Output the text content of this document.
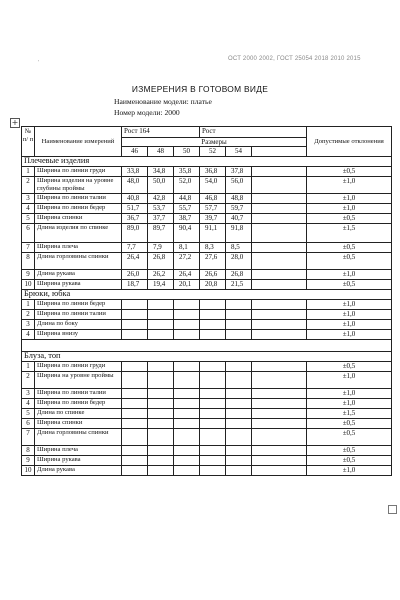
ОСТ 2000 2002, ГОСТ 25054 2018 2010 2015
'
ИЗМЕРЕНИЯ В ГОТОВОМ ВИДЕ
Наименование модели: платье
Номер модели: 2000
+
№ п/ п	Наименование измерений	Рост 164			Рост			Допустимые отклонения
		Размеры						
		46	48	50	52	54		
Плечевые изделия								
1	Ширина по линии груди	33,8	34,8	35,8	36,8	37,8		±0,5
2	Ширина изделия на уровне глубины проймы	48,0	50,0	52,0	54,0	56,0		±1,0
3	Ширина по линии талии	40,8	42,8	44,8	46,8	48,8		±1,0
4	Ширина по линии бедер	51,7	53,7	55,7	57,7	59,7		±1,0
5	Ширина спинки	36,7	37,7	38,7	39,7	40,7		±0,5
6	Длина изделия по спинке	89,0	89,7	90,4	91,1	91,8		±1,5
7	Ширина плеча	7,7	7,9	8,1	8,3	8,5		±0,5
8	Длина горловины спинки	26,4	26,8	27,2	27,6	28,0		±0,5
9	Длина рукава	26,0	26,2	26,4	26,6	26,8		±1,0
10	Ширина рукава	18,7	19,4	20,1	20,8	21,5		±0,5
Брюки, юбка								
1	Ширина по линии бедер							±1,0
2	Ширина по линии талии							±1,0
3	Длина по боку							±1,0
4	Ширина внизу							±1,0

Блуза, топ								
1	Ширина по линии груди							±0,5
2	Ширина на уровне проймы							±1,0
3	Ширина по линии талии							±1,0
4	Ширина по линии бедер							±1,0
5	Длина по спинке							±1,5
6	Ширина спинки							±0,5
7	Длина горловины спинки							±0,5
8	Ширина плеча							±0,5
9	Ширина рукава							±0,5
10	Длина рукава							±1,0
